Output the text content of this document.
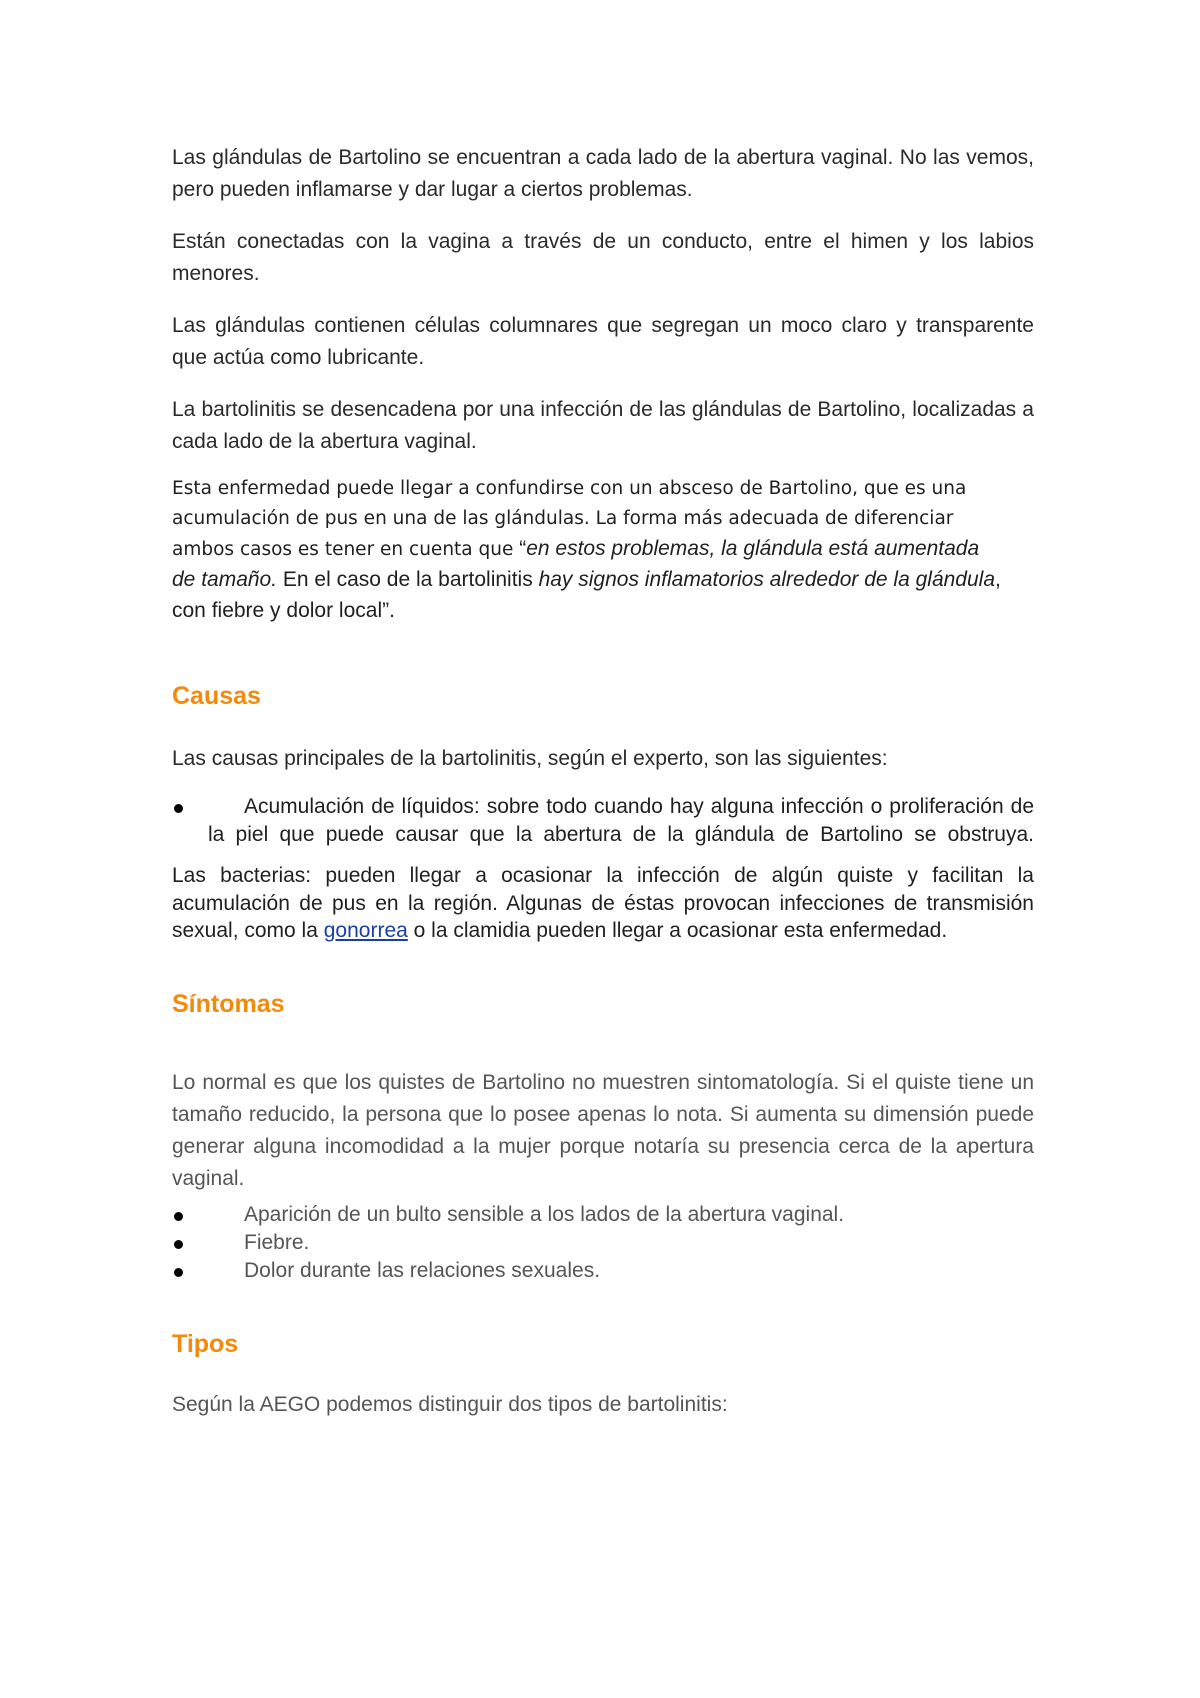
Las glándulas de Bartolino se encuentran a cada lado de la abertura vaginal. No las vemos, pero pueden inflamarse y dar lugar a ciertos problemas.

Están conectadas con la vagina a través de un conducto, entre el himen y los labios menores.

Las glándulas contienen células columnares que segregan un moco claro y transparente que actúa como lubricante.

La bartolinitis se desencadena por una infección de las glándulas de Bartolino, localizadas a cada lado de la abertura vaginal.

Esta enfermedad puede llegar a confundirse con un absceso de Bartolino, que es una acumulación de pus en una de las glándulas. La forma más adecuada de diferenciar ambos casos es tener en cuenta que “en estos problemas, la glándula está aumentada de tamaño. En el caso de la bartolinitis hay signos inflamatorios alrededor de la glándula, con fiebre y dolor local”.

Causas

Las causas principales de la bartolinitis, según el experto, son las siguientes:

Acumulación de líquidos: sobre todo cuando hay alguna infección o proliferación de la piel que puede causar que la abertura de la glándula de Bartolino se obstruya.

Las bacterias: pueden llegar a ocasionar la infección de algún quiste y facilitan la acumulación de pus en la región. Algunas de éstas provocan infecciones de transmisión sexual, como la gonorrea o la clamidia pueden llegar a ocasionar esta enfermedad.

Síntomas

Lo normal es que los quistes de Bartolino no muestren sintomatología. Si el quiste tiene un tamaño reducido, la persona que lo posee apenas lo nota. Si aumenta su dimensión puede generar alguna incomodidad a la mujer porque notaría su presencia cerca de la apertura vaginal.

Aparición de un bulto sensible a los lados de la abertura vaginal.
Fiebre.
Dolor durante las relaciones sexuales.
Tipos

Según la AEGO podemos distinguir dos tipos de bartolinitis:
